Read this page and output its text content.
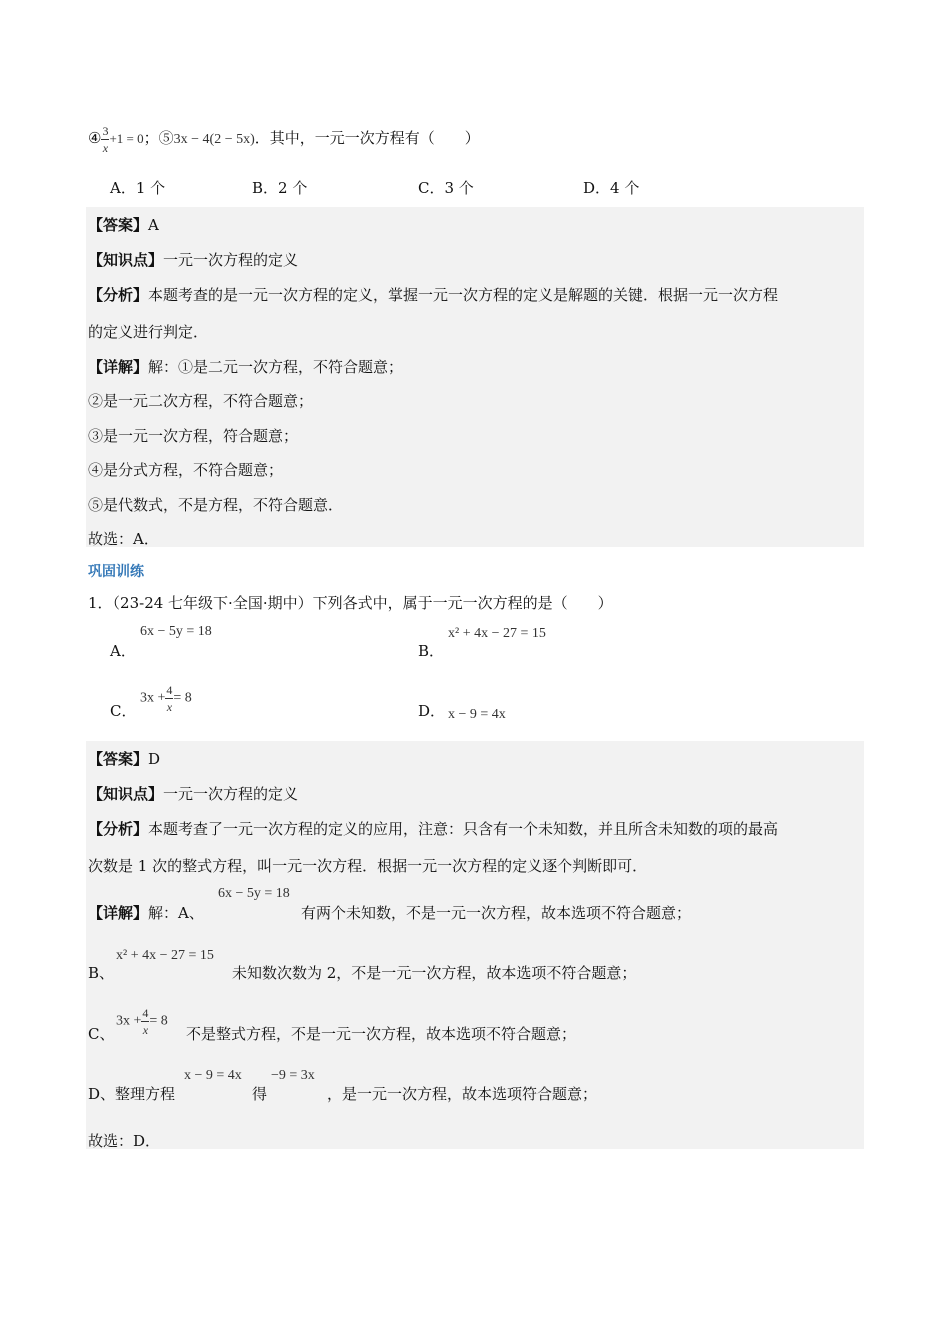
④ $\frac{3}{x} +1 = 0$；⑤3x − 4(2 − 5x)．其中，一元一次方程有（　　）
A．1 个	B．2 个	C．3 个	D．4 个
【答案】A
【知识点】一元一次方程的定义
【分析】本题考查的是一元一次方程的定义，掌握一元一次方程的定义是解题的关键．根据一元一次方程
的定义进行判定．
【详解】解：①是二元一次方程，不符合题意；
②是一元二次方程，不符合题意；
③是一元一次方程，符合题意；
④是分式方程，不符合题意；
⑤是代数式，不是方程，不符合题意．
故选：A．
巩固训练
1．（23-24 七年级下·全国·期中）下列各式中，属于一元一次方程的是（　　）
A．
6x − 5y = 18
B．
x² + 4x − 27 = 15
C．
$3x + \frac{4}{x} = 8$
D． x − 9 = 4x
【答案】D
【知识点】一元一次方程的定义
【分析】本题考查了一元一次方程的定义的应用，注意：只含有一个未知数，并且所含未知数的项的最高
次数是 1 次的整式方程，叫一元一次方程．根据一元一次方程的定义逐个判断即可．
【详解】解：A、
6x − 5y = 18
有两个未知数，不是一元一次方程，故本选项不符合题意；
B、
x² + 4x − 27 = 15
未知数次数为 2，不是一元一次方程，故本选项不符合题意；
C、
$3x + \frac{4}{x} = 8$
不是整式方程，不是一元一次方程，故本选项不符合题意；
D、整理方程
x − 9 = 4x
得
−9 = 3x
，是一元一次方程，故本选项符合题意；
故选：D．
